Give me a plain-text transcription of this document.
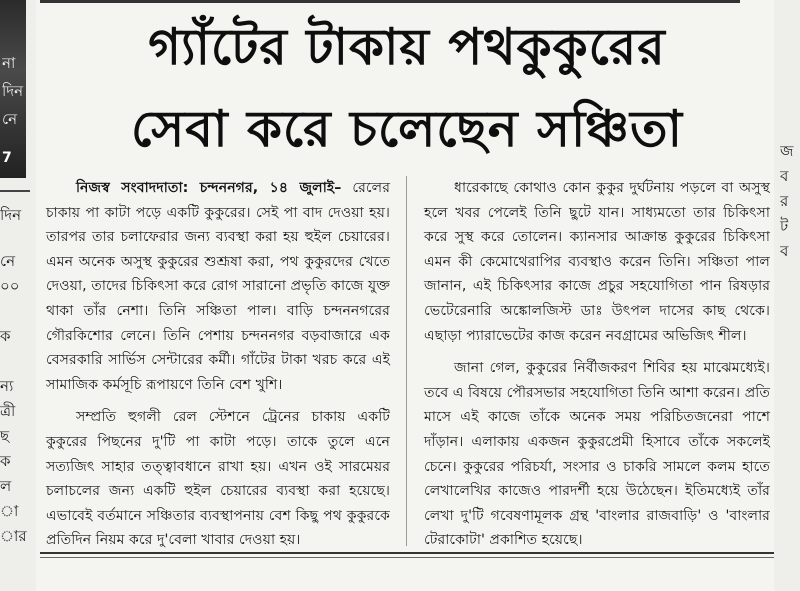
7
না
দিন
নে
দিন
নে
০০
ক
ন্য
ত্রী
ছ
ক
ল
া
ার
গ্যাঁটের টাকায় পথকুকুরের
সেবা করে চলেছেন সঞ্চিতা

নিজস্ব সংবাদদাতা: চন্দননগর, ১৪ জুলাই– রেলের চাকায় পা কাটা পড়ে একটি কুকুরের। সেই পা বাদ দেওয়া হয়। তারপর তার চলাফেরার জন্য ব্যবস্থা করা হয় হুইল চেয়ারের। এমন অনেক অসুস্থ কুকুরের শুশ্রূষা করা, পথ কুকুরদের খেতে দেওয়া, তাদের চিকিৎসা করে রোগ সারানো প্রভৃতি কাজে যুক্ত থাকা তাঁর নেশা। তিনি সঞ্চিতা পাল। বাড়ি চন্দননগরের গৌরকিশোর লেনে। তিনি পেশায় চন্দননগর বড়বাজারে এক বেসরকারি সার্ভিস সেন্টারের কর্মী। গাঁটের টাকা খরচ করে এই সামাজিক কর্মসূচি রূপায়ণে তিনি বেশ খুশি।

সম্প্রতি হুগলী রেল স্টেশনে ট্রেনের চাকায় একটি কুকুরের পিছনের দু'টি পা কাটা পড়ে। তাকে তুলে এনে সত্যজিৎ সাহার তত্ত্বাবধানে রাখা হয়। এখন ওই সারমেয়র চলাচলের জন্য একটি হুইল চেয়ারের ব্যবস্থা করা হয়েছে। এভাবেই বর্তমানে সঞ্চিতার ব্যবস্থাপনায় বেশ কিছু পথ কুকুরকে প্রতিদিন নিয়ম করে দু'বেলা খাবার দেওয়া হয়।

ধারেকাছে কোথাও কোন কুকুর দুর্ঘটনায় পড়লে বা অসুস্থ হলে খবর পেলেই তিনি ছুটে যান। সাধ্যমতো তার চিকিৎসা করে সুস্থ করে তোলেন। ক্যানসার আক্রান্ত কুকুরের চিকিৎসা এমন কী কেমোথেরাপির ব্যবস্থাও করেন তিনি। সঞ্চিতা পাল জানান, এই চিকিৎসার কাজে প্রচুর সহযোগিতা পান রিষড়ার ভেটেরেনারি অঙ্কোলজিস্ট ডাঃ উৎপল দাসের কাছ থেকে। এছাড়া প্যারাভেটের কাজ করেন নবগ্রামের অভিজিৎ শীল।

জানা গেল, কুকুরের নির্বীজকরণ শিবির হয় মাঝেমধ্যেই। তবে এ বিষয়ে পৌরসভার সহযোগিতা তিনি আশা করেন। প্রতি মাসে এই কাজে তাঁকে অনেক সময় পরিচিতজনেরা পাশে দাঁড়ান। এলাকায় একজন কুকুরপ্রেমী হিসাবে তাঁকে সকলেই চেনে। কুকুরের পরিচর্যা, সংসার ও চাকরি সামলে কলম হাতে লেখালেখির কাজেও পারদর্শী হয়ে উঠেছেন। ইতিমধ্যেই তাঁর লেখা দু'টি গবেষণামূলক গ্রন্থ 'বাংলার রাজবাড়ি' ও 'বাংলার টেরাকোটা' প্রকাশিত হয়েছে।

জ
ব
র
ট
ব
